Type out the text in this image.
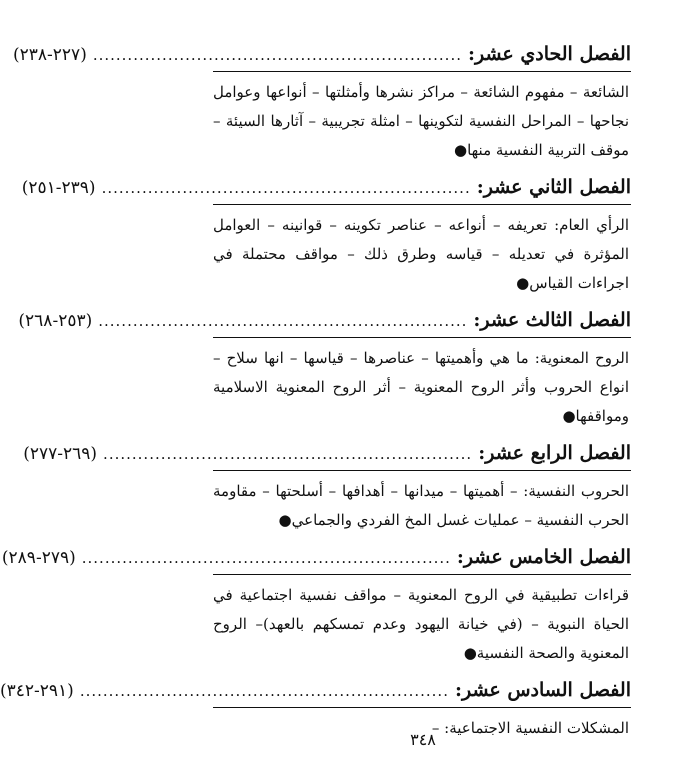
الفصل الحادي عشر:
................................................................
(٢٢٧-٢٣٨)
الشائعة – مفهوم الشائعة – مراكز نشرها وأمثلتها – أنواعها وعوامل نجاحها – المراحل النفسية لتكوينها – امثلة تجريبية – آثارها السيئة – موقف التربية النفسية منها●
الفصل الثاني عشر:
................................................................
(٢٣٩-٢٥١)
الرأي العام: تعريفه – أنواعه – عناصر تكوينه – قوانينه – العوامل المؤثرة في تعديله – قياسه وطرق ذلك – مواقف محتملة في اجراءات القياس●
الفصل الثالث عشر:
................................................................
(٢٥٣-٢٦٨)
الروح المعنوية: ما هي وأهميتها – عناصرها – قياسها – انها سلاح – انواع الحروب وأثر الروح المعنوية – أثر الروح المعنوية الاسلامية ومواقفها●
الفصل الرابع عشر:
................................................................
(٢٦٩-٢٧٧)
الحروب النفسية: – أهميتها – ميدانها – أهدافها – أسلحتها – مقاومة الحرب النفسية – عمليات غسل المخ الفردي والجماعي●
الفصل الخامس عشر:
................................................................
(٢٧٩-٢٨٩)
قراءات تطبيقية في الروح المعنوية – مواقف نفسية اجتماعية في الحياة النبوية – (في خيانة اليهود وعدم تمسكهم بالعهد)– الروح المعنوية والصحة النفسية●
الفصل السادس عشر:
................................................................
(٢٩١-٣٤٢)
المشكلات النفسية الاجتماعية: –
٣٤٨
